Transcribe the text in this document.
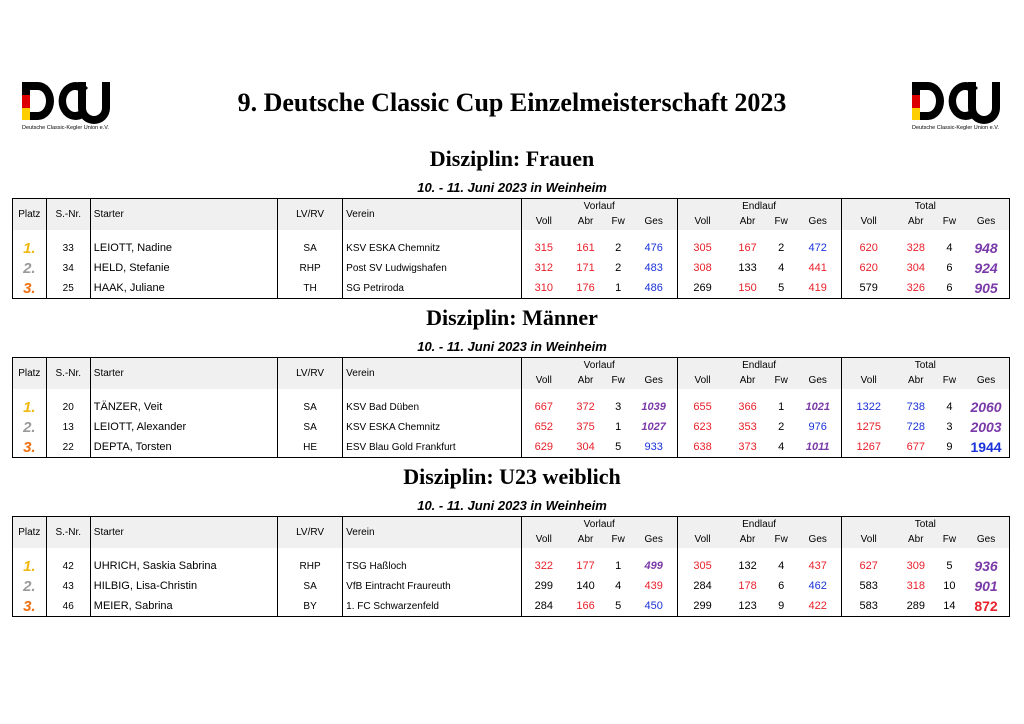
Deutsche Classic-Kegler Union e.V.	Deutsche Classic-Kegler Union e.V.
9. Deutsche Classic Cup Einzelmeisterschaft 2023
Disziplin: Frauen
10. - 11. Juni 2023 in Weinheim
Disziplin: Männer
10. - 11. Juni 2023 in Weinheim
Disziplin: U23 weiblich
10. - 11. Juni 2023 in Weinheim
Platz	S.-Nr.	Starter	LV/RV	Verein	Vorlauf				Endlauf				Total			
					Voll	Abr	Fw	Ges	Voll	Abr	Fw	Ges	Voll	Abr	Fw	Ges

1.	33	LEIOTT, Nadine	SA	KSV ESKA Chemnitz	315	161	2	476	305	167	2	472	620	328	4	948
2.	34	HELD, Stefanie	RHP	Post SV Ludwigshafen	312	171	2	483	308	133	4	441	620	304	6	924
3.	25	HAAK, Juliane	TH	SG Petriroda	310	176	1	486	269	150	5	419	579	326	6	905
Platz	S.-Nr.	Starter	LV/RV	Verein	Vorlauf				Endlauf				Total			
					Voll	Abr	Fw	Ges	Voll	Abr	Fw	Ges	Voll	Abr	Fw	Ges

1.	20	TÄNZER, Veit	SA	KSV Bad Düben	667	372	3	1039	655	366	1	1021	1322	738	4	2060
2.	13	LEIOTT, Alexander	SA	KSV ESKA Chemnitz	652	375	1	1027	623	353	2	976	1275	728	3	2003
3.	22	DEPTA, Torsten	HE	ESV Blau Gold Frankfurt	629	304	5	933	638	373	4	1011	1267	677	9	1944
Platz	S.-Nr.	Starter	LV/RV	Verein	Vorlauf				Endlauf				Total			
					Voll	Abr	Fw	Ges	Voll	Abr	Fw	Ges	Voll	Abr	Fw	Ges

1.	42	UHRICH, Saskia Sabrina	RHP	TSG Haßloch	322	177	1	499	305	132	4	437	627	309	5	936
2.	43	HILBIG, Lisa-Christin	SA	VfB Eintracht Fraureuth	299	140	4	439	284	178	6	462	583	318	10	901
3.	46	MEIER, Sabrina	BY	1. FC Schwarzenfeld	284	166	5	450	299	123	9	422	583	289	14	872
